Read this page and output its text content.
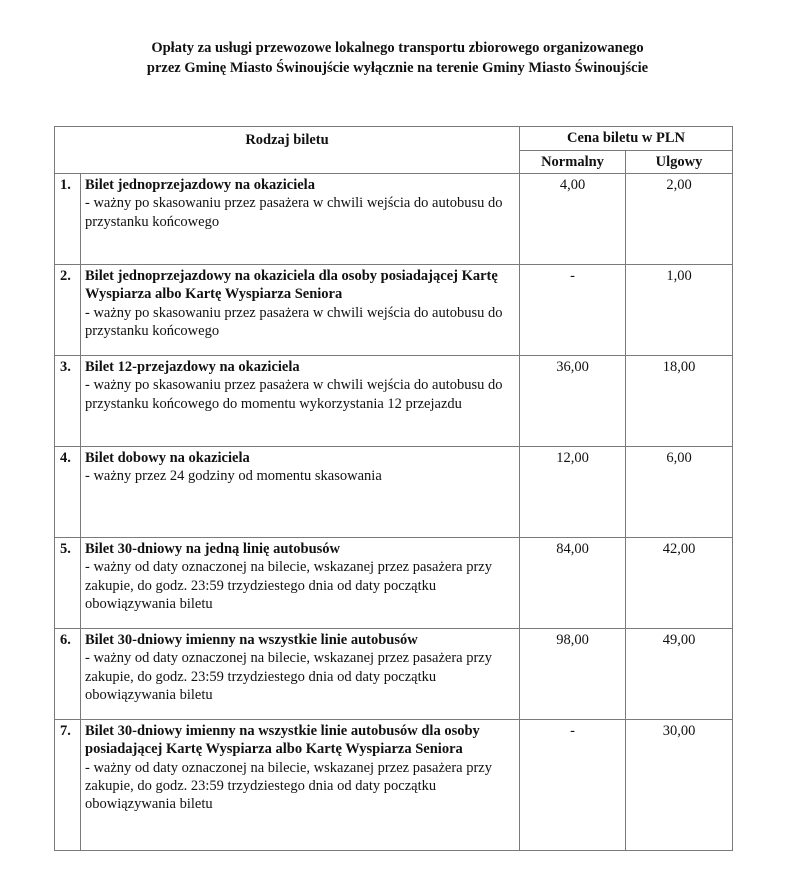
Opłaty za usługi przewozowe lokalnego transportu zbiorowego organizowanego
przez Gminę Miasto Świnoujście wyłącznie na terenie Gminy Miasto Świnoujście
Rodzaj biletu		Cena biletu w PLN	
		Normalny	Ulgowy
1.	Bilet jednoprzejazdowy na okaziciela
- ważny po skasowaniu przez pasażera w chwili wejścia do autobusu do przystanku końcowego	4,00	2,00
2.	Bilet jednoprzejazdowy na okaziciela dla osoby posiadającej Kartę Wyspiarza albo Kartę Wyspiarza Seniora
- ważny po skasowaniu przez pasażera w chwili wejścia do autobusu do przystanku końcowego	-	1,00
3.	Bilet 12-przejazdowy na okaziciela
- ważny po skasowaniu przez pasażera w chwili wejścia do autobusu do przystanku końcowego do momentu wykorzystania 12 przejazdu	36,00	18,00
4.	Bilet dobowy na okaziciela
- ważny przez 24 godziny od momentu skasowania	12,00	6,00
5.	Bilet 30-dniowy na jedną linię autobusów
- ważny od daty oznaczonej na bilecie, wskazanej przez pasażera przy zakupie, do godz. 23:59 trzydziestego dnia od daty początku obowiązywania biletu	84,00	42,00
6.	Bilet 30-dniowy imienny na wszystkie linie autobusów
- ważny od daty oznaczonej na bilecie, wskazanej przez pasażera przy zakupie, do godz. 23:59 trzydziestego dnia od daty początku obowiązywania biletu	98,00	49,00
7.	Bilet 30-dniowy imienny na wszystkie linie autobusów dla osoby posiadającej Kartę Wyspiarza albo Kartę Wyspiarza Seniora
- ważny od daty oznaczonej na bilecie, wskazanej przez pasażera przy zakupie, do godz. 23:59 trzydziestego dnia od daty początku obowiązywania biletu	-	30,00
